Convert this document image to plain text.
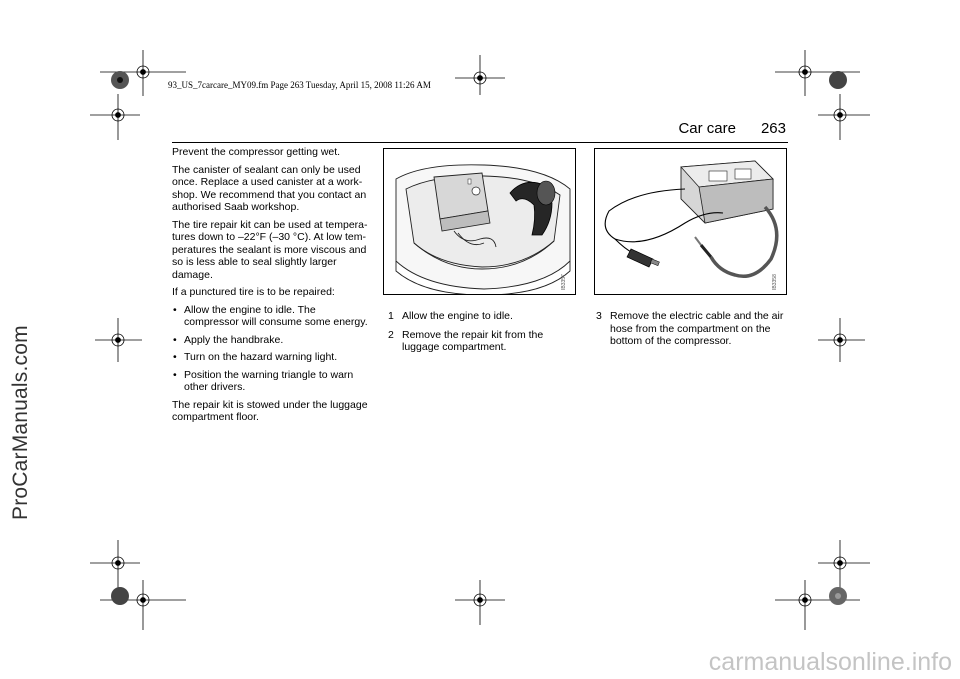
93_US_7carcare_MY09.fm Page 263 Tuesday, April 15, 2008 11:26 AM
Car care 263

Prevent the compressor getting wet.

The canister of sealant can only be used once. Replace a used canister at a work-shop. We recommend that you contact an authorised Saab workshop.

The tire repair kit can be used at tempera-tures down to –22°F (–30 °C). At low tem-peratures the sealant is more viscous and so is less able to seal slightly larger damage.

If a punctured tire is to be repaired:

• Allow the engine to idle. The compressor will consume some energy.
• Apply the handbrake.
• Turn on the hazard warning light.
• Position the warning triangle to warn other drivers.

The repair kit is stowed under the luggage compartment floor.

IB3357	IB3358
1 Allow the engine to idle.
2 Remove the repair kit from the luggage compartment.
3 Remove the electric cable and the air hose from the compartment on the bottom of the compressor.
ProCarManuals.com
carmanualsonline.info
